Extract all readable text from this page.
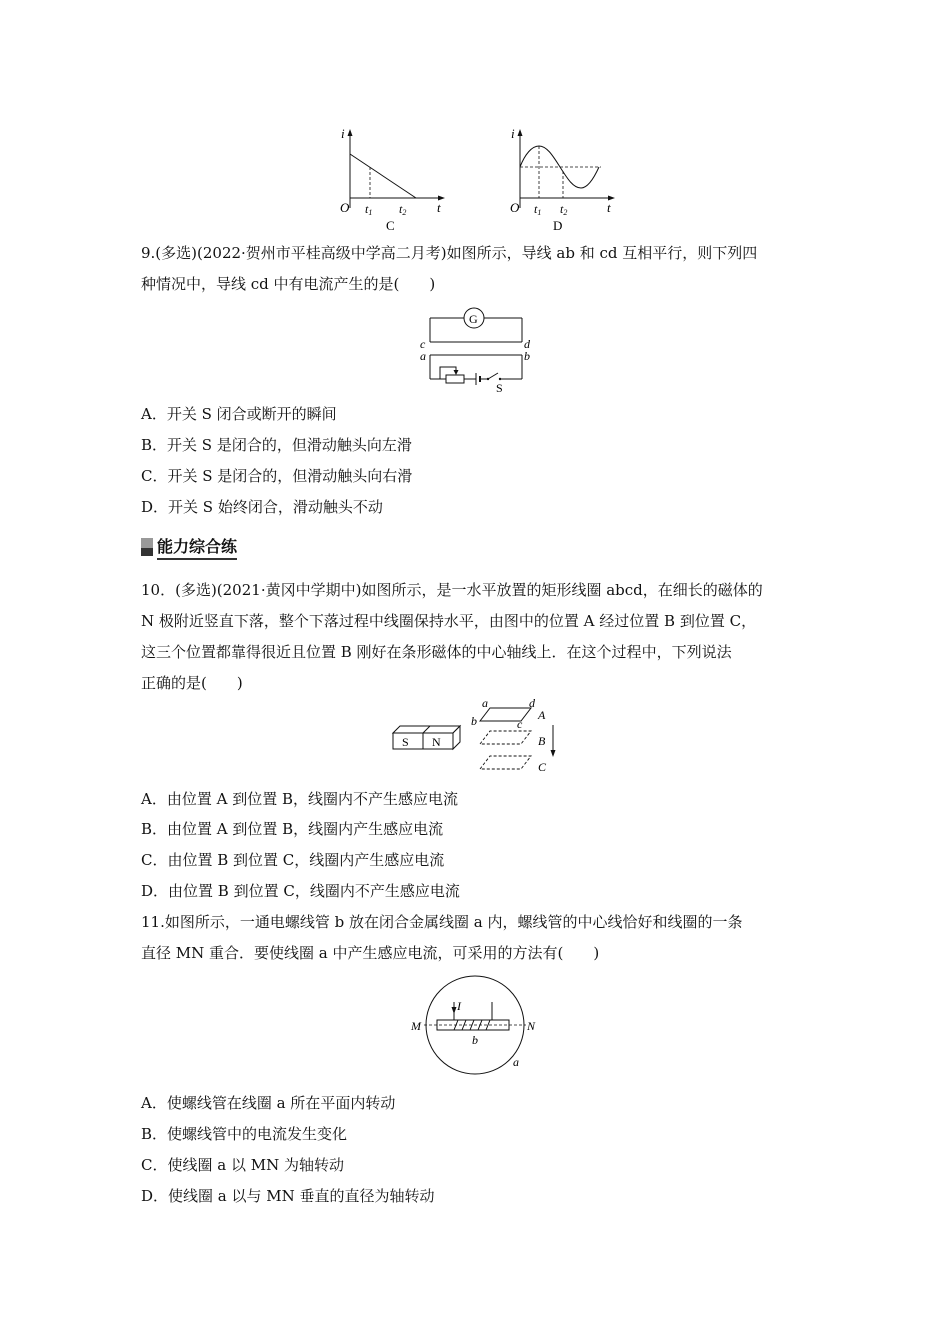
i
O t1 t2 t
C
i
O t1 t2	t
D
9.(多选)(2022·贺州市平桂高级中学高二月考)如图所示，导线 ab 和 cd 互相平行，则下列四
种情况中，导线 cd 中有电流产生的是(　　)
G
c	d
a	b
S
A．开关 S 闭合或断开的瞬间
B．开关 S 是闭合的，但滑动触头向左滑
C．开关 S 是闭合的，但滑动触头向右滑
D．开关 S 始终闭合，滑动触头不动
能力综合练
10．(多选)(2021·黄冈中学期中)如图所示，是一水平放置的矩形线圈 abcd，在细长的磁体的
N 极附近竖直下落，整个下落过程中线圈保持水平，由图中的位置 A 经过位置 B 到位置 C，
这三个位置都靠得很近且位置 B 刚好在条形磁体的中心轴线上．在这个过程中，下列说法
正确的是(　　)
S N
a	d
b	c
A
B
C
A．由位置 A 到位置 B，线圈内不产生感应电流
B．由位置 A 到位置 B，线圈内产生感应电流
C．由位置 B 到位置 C，线圈内产生感应电流
D．由位置 B 到位置 C，线圈内不产生感应电流
11.如图所示，一通电螺线管 b 放在闭合金属线圈 a 内，螺线管的中心线恰好和线圈的一条
直径 MN 重合．要使线圈 a 中产生感应电流，可采用的方法有(　　)
I
M	N
b
a
A．使螺线管在线圈 a 所在平面内转动
B．使螺线管中的电流发生变化
C．使线圈 a 以 MN 为轴转动
D．使线圈 a 以与 MN 垂直的直径为轴转动
